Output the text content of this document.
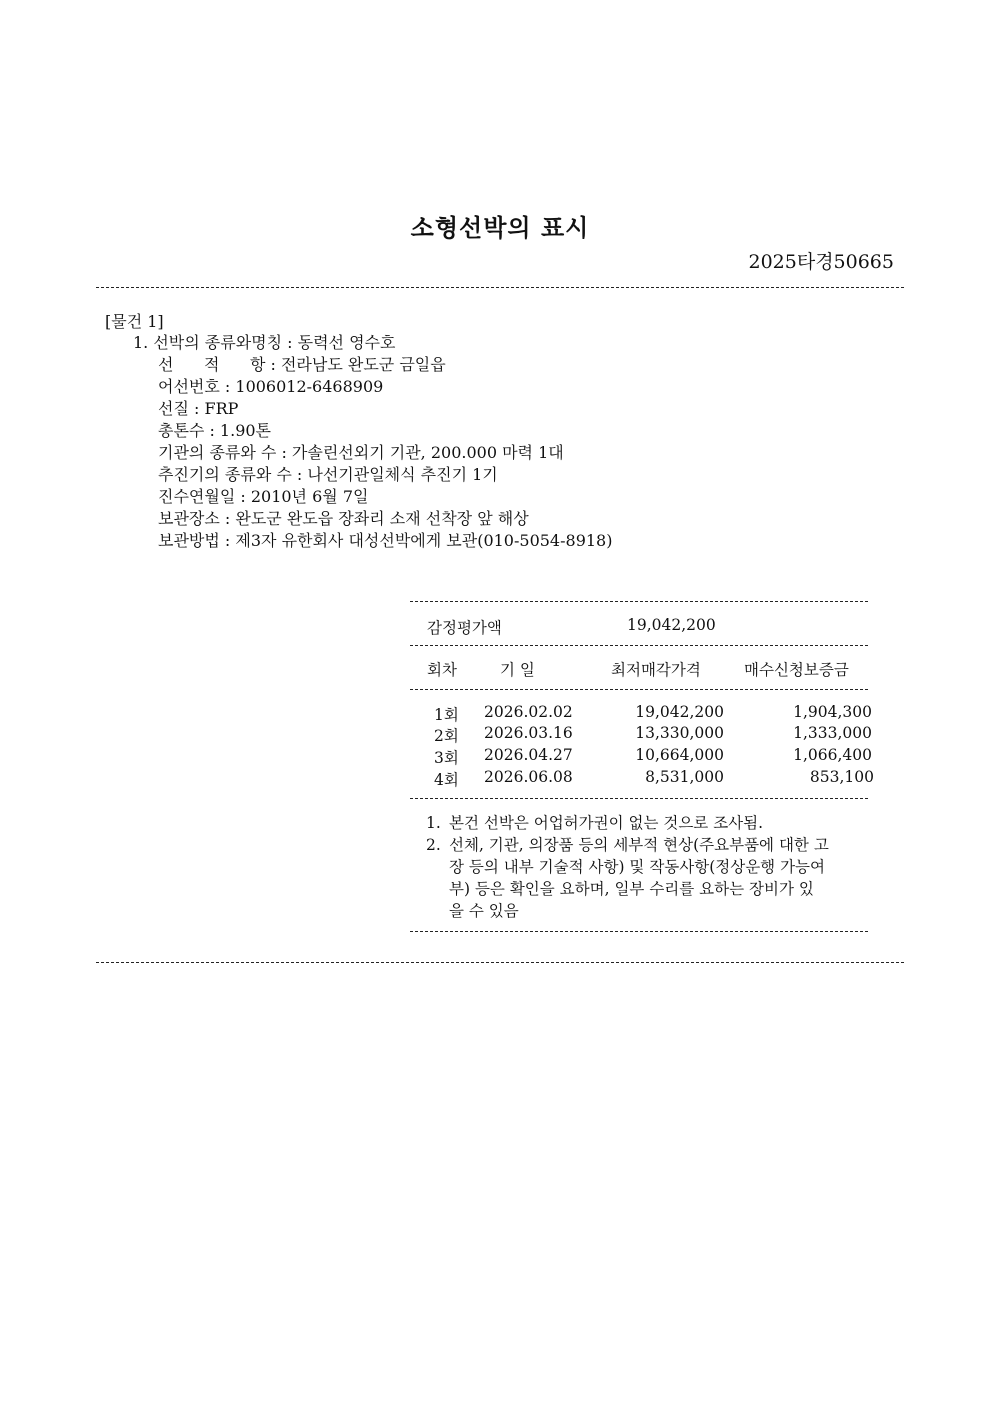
소형선박의 표시
2025타경50665
[물건 1]
1. 선박의 종류와명칭 : 동력선 영수호
선      적      항 : 전라남도 완도군 금일읍
어선번호 : 1006012-6468909
선질 : FRP
총톤수 : 1.90톤
기관의 종류와 수 : 가솔린선외기 기관, 200.000 마력 1대
추진기의 종류와 수 : 나선기관일체식 추진기 1기
진수연월일 : 2010년 6월 7일
보관장소 : 완도군 완도읍 장좌리 소재 선착장 앞 해상
보관방법 : 제3자 유한회사 대성선박에게 보관(010-5054-8918)
감정평가액	19,042,200
회차	기 일	최저매각가격	매수신청보증금
1회 2026.02.02	19,042,200	1,904,300
2회 2026.03.16	13,330,000	1,333,000
3회 2026.04.27	10,664,000	1,066,400
4회 2026.06.08	8,531,000	853,100
1. 본건 선박은 어업허가권이 없는 것으로 조사됨.
2. 선체, 기관, 의장품 등의 세부적 현상(주요부품에 대한 고
장 등의 내부 기술적 사항) 및 작동사항(정상운행 가능여
부) 등은 확인을 요하며, 일부 수리를 요하는 장비가 있
을 수 있음
